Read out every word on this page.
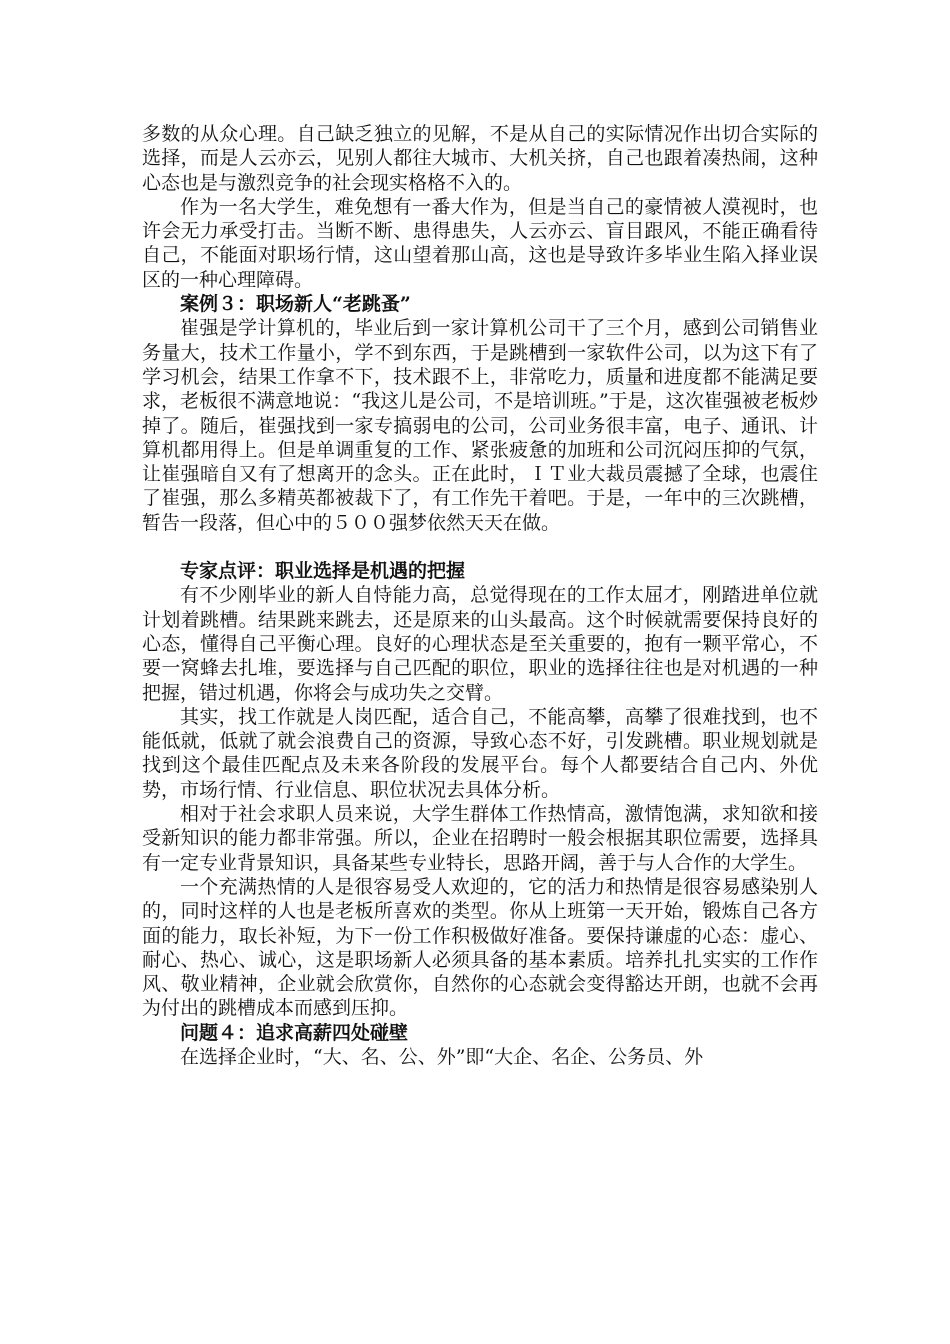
多数的从众心理。自己缺乏独立的见解，不是从自己的实际情况作出切合实际的选择，而是人云亦云，见别人都往大城市、大机关挤，自己也跟着凑热闹，这种心态也是与激烈竞争的社会现实格格不入的。

作为一名大学生，难免想有一番大作为，但是当自己的豪情被人漠视时，也许会无力承受打击。当断不断、患得患失，人云亦云、盲目跟风，不能正确看待自己，不能面对职场行情，这山望着那山高，这也是导致许多毕业生陷入择业误区的一种心理障碍。

案例３：职场新人“老跳蚤”

崔强是学计算机的，毕业后到一家计算机公司干了三个月，感到公司销售业务量大，技术工作量小，学不到东西，于是跳槽到一家软件公司，以为这下有了学习机会，结果工作拿不下，技术跟不上，非常吃力，质量和进度都不能满足要求，老板很不满意地说：“我这儿是公司，不是培训班。”于是，这次崔强被老板炒掉了。随后，崔强找到一家专搞弱电的公司，公司业务很丰富，电子、通讯、计算机都用得上。但是单调重复的工作、紧张疲惫的加班和公司沉闷压抑的气氛，让崔强暗自又有了想离开的念头。正在此时，ＩＴ业大裁员震撼了全球，也震住了崔强，那么多精英都被裁下了，有工作先干着吧。于是，一年中的三次跳槽，暂告一段落，但心中的５００强梦依然天天在做。

专家点评：职业选择是机遇的把握

有不少刚毕业的新人自恃能力高，总觉得现在的工作太屈才，刚踏进单位就计划着跳槽。结果跳来跳去，还是原来的山头最高。这个时候就需要保持良好的心态，懂得自己平衡心理。良好的心理状态是至关重要的，抱有一颗平常心，不要一窝蜂去扎堆，要选择与自己匹配的职位，职业的选择往往也是对机遇的一种把握，错过机遇，你将会与成功失之交臂。

其实，找工作就是人岗匹配，适合自己，不能高攀，高攀了很难找到，也不能低就，低就了就会浪费自己的资源，导致心态不好，引发跳槽。职业规划就是找到这个最佳匹配点及未来各阶段的发展平台。每个人都要结合自己内、外优势，市场行情、行业信息、职位状况去具体分析。

相对于社会求职人员来说，大学生群体工作热情高，激情饱满，求知欲和接受新知识的能力都非常强。所以，企业在招聘时一般会根据其职位需要，选择具有一定专业背景知识，具备某些专业特长，思路开阔，善于与人合作的大学生。

一个充满热情的人是很容易受人欢迎的，它的活力和热情是很容易感染别人的，同时这样的人也是老板所喜欢的类型。你从上班第一天开始，锻炼自己各方面的能力，取长补短，为下一份工作积极做好准备。要保持谦虚的心态：虚心、耐心、热心、诚心，这是职场新人必须具备的基本素质。培养扎扎实实的工作作风、敬业精神，企业就会欣赏你，自然你的心态就会变得豁达开朗，也就不会再为付出的跳槽成本而感到压抑。

问题４：追求高薪四处碰壁

在选择企业时，“大、名、公、外”即“大企、名企、公务员、外
